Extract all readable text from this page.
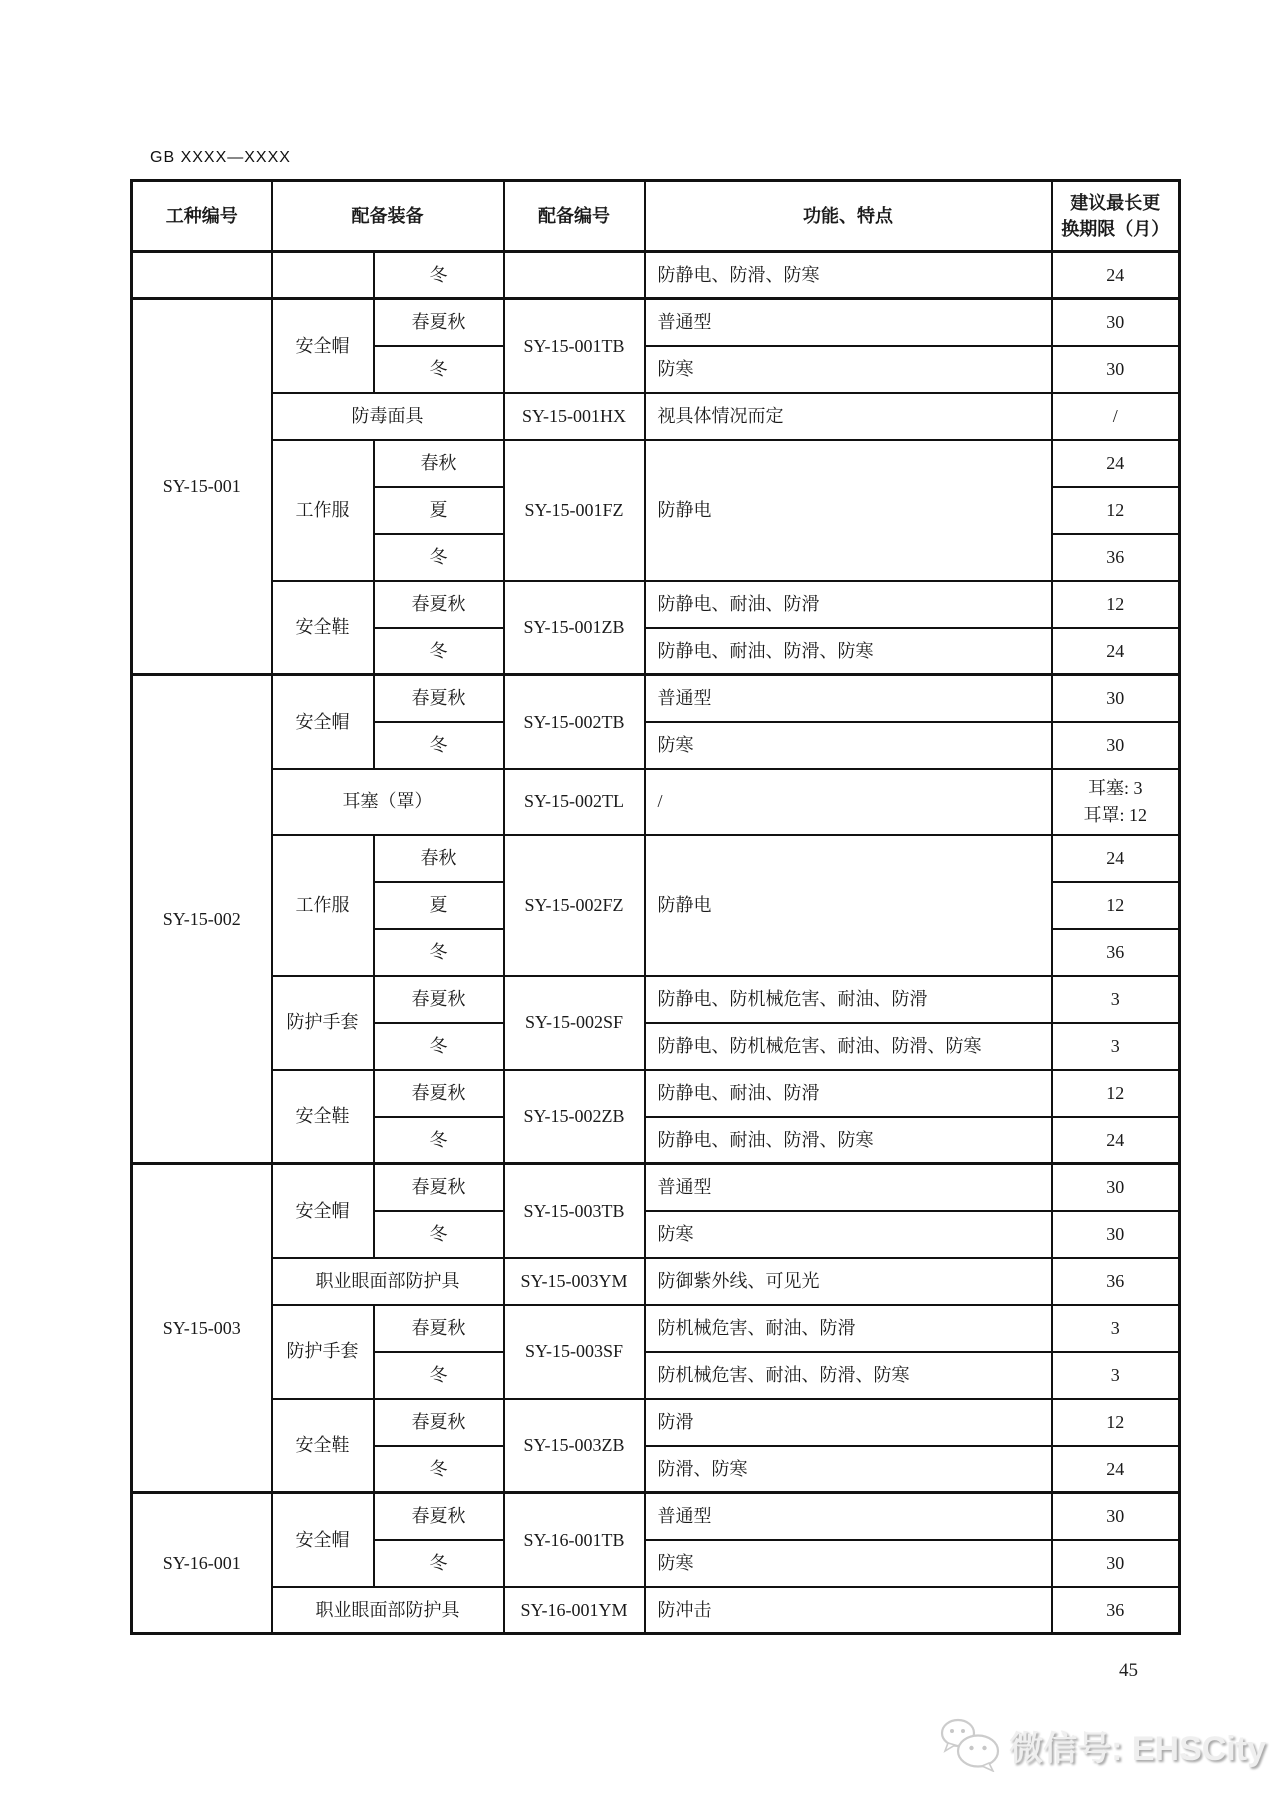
GB XXXX—XXXX
工种编号	配备装备		配备编号	功能、特点	建议最长更
换期限（月）

		冬		防静电、防滑、防寒	24
SY-15-001	安全帽	春夏秋	SY-15-001TB	普通型	30
		冬		防寒	30
	防毒面具		SY-15-001HX	视具体情况而定	/
	工作服	春秋	SY-15-001FZ	防静电	24
		夏			12
		冬			36
	安全鞋	春夏秋	SY-15-001ZB	防静电、耐油、防滑	12
		冬		防静电、耐油、防滑、防寒	24
SY-15-002	安全帽	春夏秋	SY-15-002TB	普通型	30
		冬		防寒	30
	耳塞（罩）		SY-15-002TL	/	耳塞: 3
耳罩: 12

	工作服	春秋	SY-15-002FZ	防静电	24
		夏			12
		冬			36
	防护手套	春夏秋	SY-15-002SF	防静电、防机械危害、耐油、防滑	3
		冬		防静电、防机械危害、耐油、防滑、防寒	3
	安全鞋	春夏秋	SY-15-002ZB	防静电、耐油、防滑	12
		冬		防静电、耐油、防滑、防寒	24
SY-15-003	安全帽	春夏秋	SY-15-003TB	普通型	30
		冬		防寒	30
	职业眼面部防护具		SY-15-003YM	防御紫外线、可见光	36
	防护手套	春夏秋	SY-15-003SF	防机械危害、耐油、防滑	3
		冬		防机械危害、耐油、防滑、防寒	3
	安全鞋	春夏秋	SY-15-003ZB	防滑	12
		冬		防滑、防寒	24
SY-16-001	安全帽	春夏秋	SY-16-001TB	普通型	30
		冬		防寒	30
	职业眼面部防护具		SY-16-001YM	防冲击	36
45
微信号: EHSCity
